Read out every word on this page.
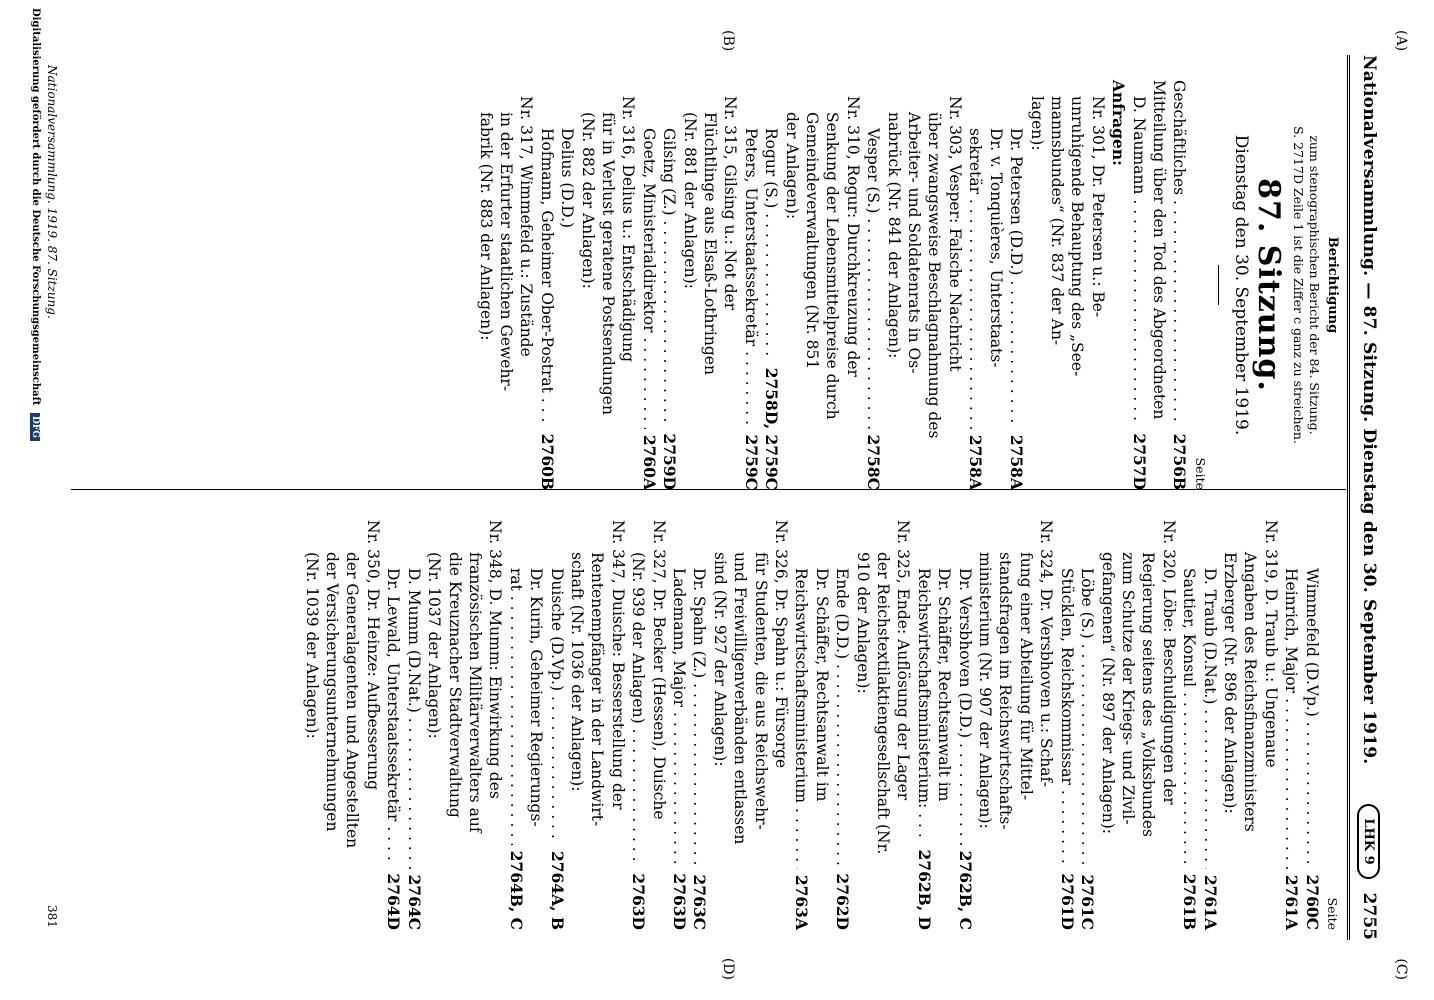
Nationalversammlung. — 87. Sitzung. Dienstag den 30. September 1919.
LHK 9
2755
(A)
(B)
(C)
(D)
Berichtigung
zum stenographischen Bericht der 84. Sitzung.
S. 2717D Zeile 1 ist die Ziffer c ganz zu streichen.
87. Sitzung.
Dienstag den 30. September 1919.
Seite
Geschäftliches . . .
2756B
Mitteilung über den Tod des Abgeordneten
D. Naumann . . .
2757D
Anfragen:
Nr. 301, Dr. Petersen u.: Be-
unruhigende Behauptung des „See-
mannsbundes“ (Nr. 837 der An-
lagen):
Dr. Petersen (D.D.) . . .
2758A
Dr. v. Tonquières, Unterstaats-
sekretär . . .
2758A
Nr. 303, Vesper: Falsche Nachricht
über zwangsweise Beschlagnahmung des
Arbeiter- und Soldatenrats in Os-
nabrück (Nr. 841 der Anlagen):
Vesper (S.) . . .
2758C
Nr. 310, Rogur: Durchkreuzung der
Senkung der Lebensmittelpreise durch
Gemeindeverwaltungen (Nr. 851
der Anlagen):
Rogur (S.) . . .
2758D, 2759C
Peters, Unterstaatssekretär . . .
2759C
Nr. 315, Gilsing u.: Not der
Flüchtlinge aus Elsaß-Lothringen
(Nr. 881 der Anlagen):
Gilsing (Z.) . . .
2759D
Goetz, Ministerialdirektor . . .
2760A
Nr. 316, Delius u.: Entschädigung
für in Verlust geratene Postsendungen
(Nr. 882 der Anlagen):
Delius (D.D.)
Hofmann, Geheimer Ober-Postrat . . .
2760B
Nr. 317, Wimmefeld u.: Zustände
in der Erfurter staatlichen Gewehr-
fabrik (Nr. 883 der Anlagen):
Seite
Wimmefeld (D.Vp.) . . .
2760C
Heinrich, Major . . .
2761A
Nr. 319, D. Traub u.: Ungenaue
Angaben des Reichsfinanzministers
Erzberger (Nr. 896 der Anlagen):
D. Traub (D.Nat.) . . .
2761A
Sautier, Konsul . . .
2761B
Nr. 320, Löbe: Beschuldigungen der
Regierung seitens des „Volksbundes
zum Schutze der Kriegs- und Zivil-
gefangenen“ (Nr. 897 der Anlagen):
Löbe (S.) . . .
2761C
Stücklen, Reichskommissar . . .
2761D
Nr. 324, Dr. Versbhoven u.: Schaf-
fung einer Abteilung für Mittel-
standsfragen im Reichswirtschafts-
ministerium (Nr. 907 der Anlagen):
Dr. Versbhoven (D.D.) . . .
2762B, C
Dr. Schäffer, Rechtsanwalt im
Reichswirtschaftsministerium: . . .
2762B, D
Nr. 325, Ende: Auflösung der Lager
der Reichstextilaktiengesellschaft (Nr.
910 der Anlagen):
Ende (D.D.) . . .
2762D
Dr. Schäffer, Rechtsanwalt im
Reichswirtschaftsministerium . . .
2763A
Nr. 326, Dr. Spahn u.: Fürsorge
für Studenten, die aus Reichswehr-
und Freiwilligenverbänden entlassen
sind (Nr. 927 der Anlagen):
Dr. Spahn (Z.) . . .
2763C
Lademann, Major . . .
2763D
Nr. 327, Dr. Becker (Hessen), Duische
(Nr. 939 der Anlagen) . . .
2763D
Nr. 347, Duische: Besserstellung der
Rentenempfänger in der Landwirt-
schaft (Nr. 1036 der Anlagen):
Duische (D.Vp.) . . .
2764A, B
Dr. Kurin, Geheimer Regierungs-
rat . . .
2764B, C
Nr. 348, D. Mumm: Einwirkung des
französischen Militärverwalters auf
die Kreuznacher Stadtverwaltung
(Nr. 1037 der Anlagen):
D. Mumm (D.Nat.) . . .
2764C
Dr. Lewald, Unterstaatssekretär . . .
2764D
Nr. 350, Dr. Heinze: Aufbesserung
der Generalagenten und Angestellten
der Versicherungsunternehmungen
(Nr. 1039 der Anlagen):
Nationalversammlung. 1919. 87. Sitzung.
381
Digitalisierung gefördert durch die Deutsche Forschungsgemeinschaft DFG
